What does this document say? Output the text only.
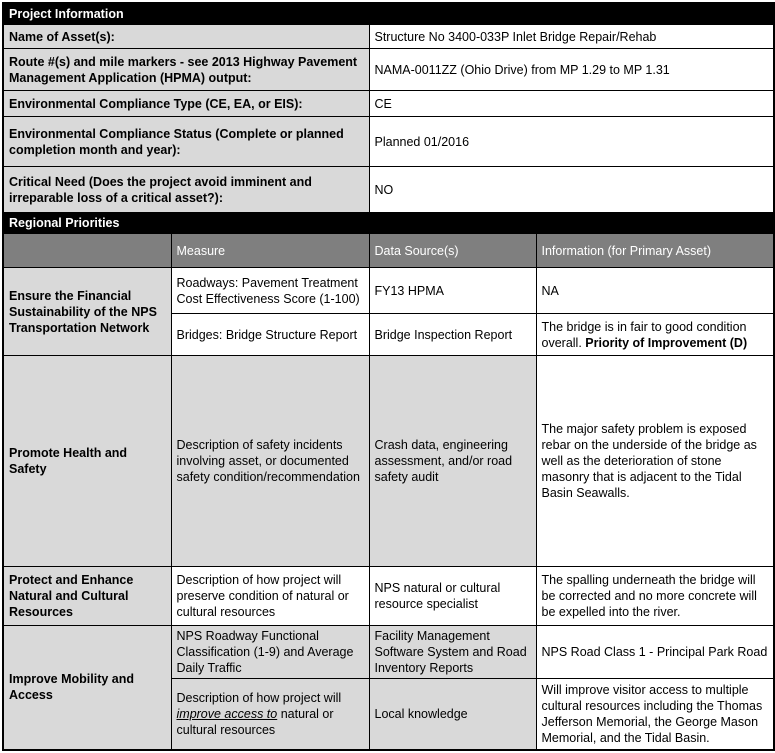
Project Information			
Name of Asset(s):		Structure No 3400-033P Inlet Bridge Repair/Rehab	
Route #(s) and mile markers - see 2013 Highway Pavement Management Application (HPMA) output:		NAMA-0011ZZ (Ohio Drive) from MP 1.29 to MP 1.31	
Environmental Compliance Type (CE, EA, or EIS):		CE	
Environmental Compliance Status (Complete or planned completion month and year):		Planned 01/2016	
Critical Need (Does the project avoid imminent and irreparable loss of a critical asset?):		NO	
Regional Priorities			
	Measure	Data Source(s)	Information (for Primary Asset)
Ensure the Financial Sustainability of the NPS Transportation Network	Roadways: Pavement Treatment Cost Effectiveness Score (1-100)	FY13 HPMA	NA
	Bridges: Bridge Structure Report	Bridge Inspection Report	The bridge is in fair to good condition overall. Priority of Improvement (D)
Promote Health and Safety	Description of safety incidents involving asset, or documented safety condition/recommendation	Crash data, engineering assessment, and/or road safety audit	The major safety problem is exposed rebar on the underside of the bridge as well as the deterioration of stone masonry that is adjacent to the Tidal Basin Seawalls.
Protect and Enhance Natural and Cultural Resources	Description of how project will preserve condition of natural or cultural resources	NPS natural or cultural resource specialist	The spalling underneath the bridge will be corrected and no more concrete will be expelled into the river.
Improve Mobility and Access	NPS Roadway Functional Classification (1-9) and Average Daily Traffic	Facility Management Software System and Road Inventory Reports	NPS Road Class 1 - Principal Park Road
	Description of how project will improve access to natural or cultural resources	Local knowledge	Will improve visitor access to multiple cultural resources including the Thomas Jefferson Memorial, the George Mason Memorial, and the Tidal Basin.
